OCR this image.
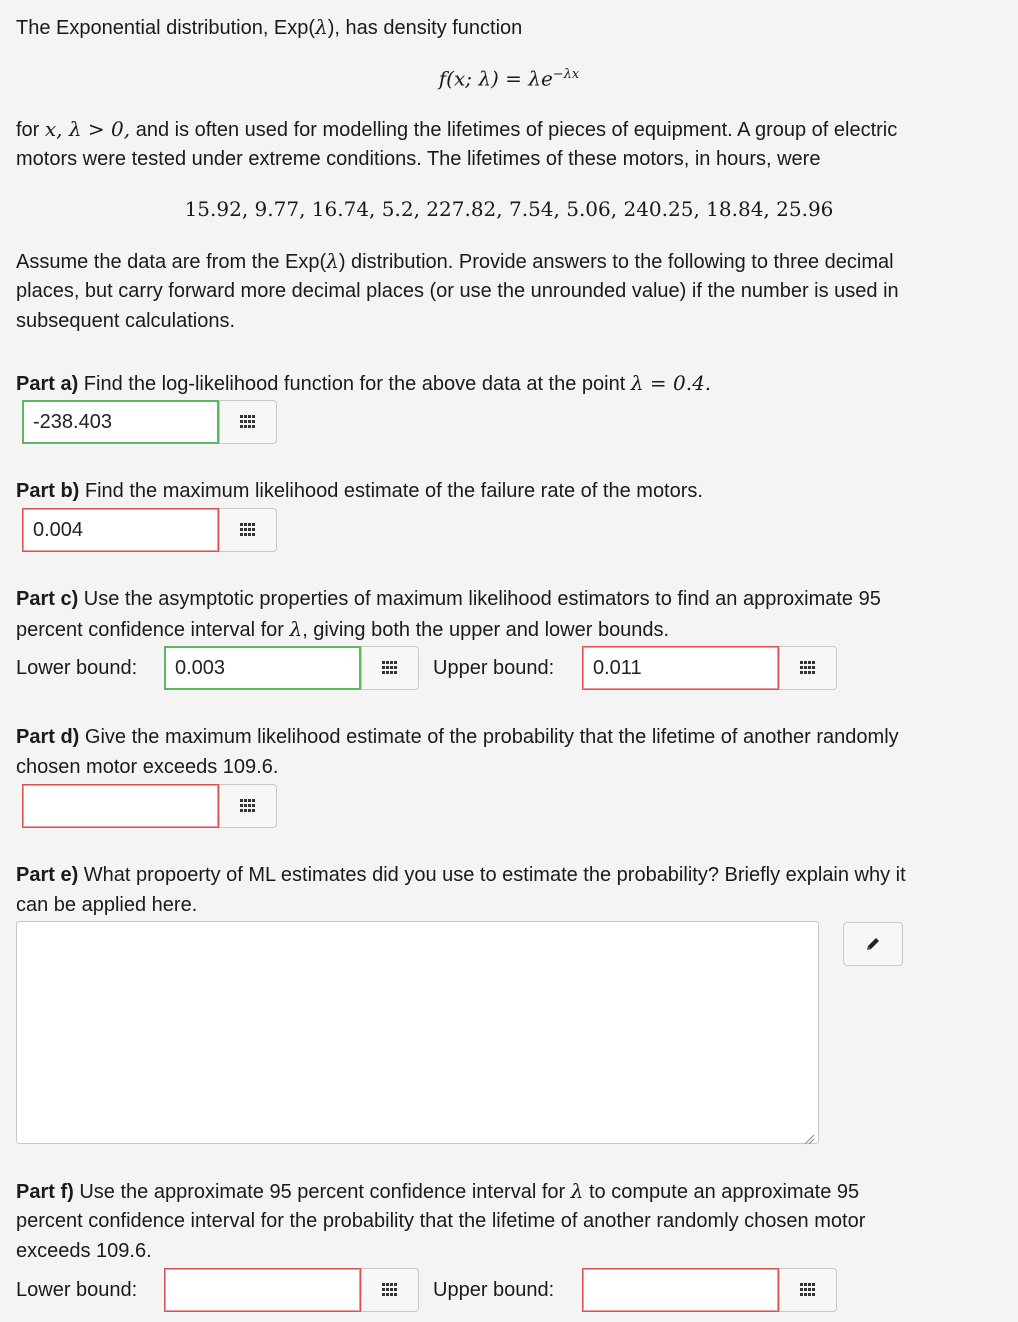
The Exponential distribution, Exp(λ), has density function
f(x; $\lambda) = \lambda e^{-\lambda x}$
for x, λ > 0, and is often used for modelling the lifetimes of pieces of equipment. A group of electric
motors were tested under extreme conditions. The lifetimes of these motors, in hours, were
15.92, 9.77, 16.74, 5.2, 227.82, 7.54, 5.06, 240.25, 18.84, 25.96
Assume the data are from the Exp(λ) distribution. Provide answers to the following to three decimal
places, but carry forward more decimal places (or use the unrounded value) if the number is used in
subsequent calculations.
Part a) Find the log-likelihood function for the above data at the point λ = 0.4.
-238.403
Part b) Find the maximum likelihood estimate of the failure rate of the motors.
0.004
Part c) Use the asymptotic properties of maximum likelihood estimators to find an approximate 95
percent confidence interval for λ, giving both the upper and lower bounds.
Lower bound:
0.003	Upper bound:
0.011
Part d) Give the maximum likelihood estimate of the probability that the lifetime of another randomly
chosen motor exceeds 109.6.
Part e) What propoerty of ML estimates did you use to estimate the probability? Briefly explain why it
can be applied here.
Part f) Use the approximate 95 percent confidence interval for λ to compute an approximate 95
percent confidence interval for the probability that the lifetime of another randomly chosen motor
exceeds 109.6.
Lower bound:	Upper bound:
